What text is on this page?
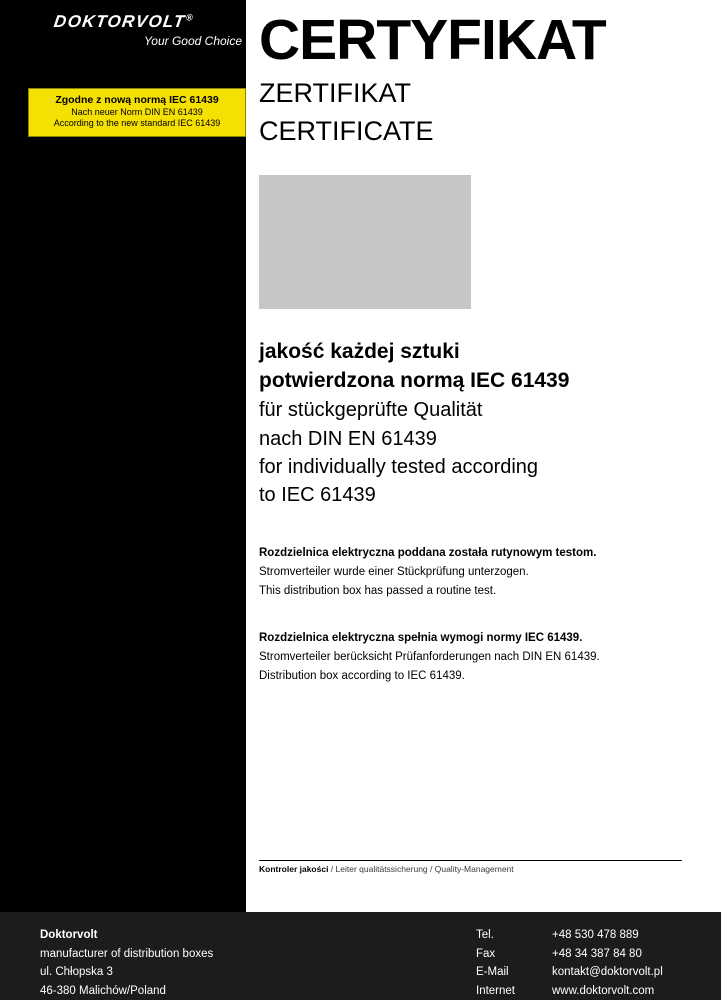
DOKTORVOLT®
Your Good Choice
Zgodne z nową normą IEC 61439
Nach neuer Norm DIN EN 61439
According to the new standard IEC 61439
CERTYFIKAT
ZERTIFIKAT
CERTIFICATE
jakość każdej sztuki
potwierdzona normą IEC 61439
für stückgeprüfte Qualität
nach DIN EN 61439
for individually tested according
to IEC 61439
Rozdzielnica elektryczna poddana została rutynowym testom.
Stromverteiler wurde einer Stückprüfung unterzogen.
This distribution box has passed a routine test.
Rozdzielnica elektryczna spełnia wymogi normy IEC 61439.
Stromverteiler berücksicht Prüfanforderungen nach DIN EN 61439.
Distribution box according to IEC 61439.
Kontroler jakości / Leiter qualitätssicherung / Quality-Management
Doktorvolt
manufacturer of distribution boxes
ul. Chłopska 3
46-380 Malichów/Poland
Tel.	+48 530 478 889
Fax	+48 34 387 84 80
E-Mail	kontakt@doktorvolt.pl
Internet	www.doktorvolt.com
